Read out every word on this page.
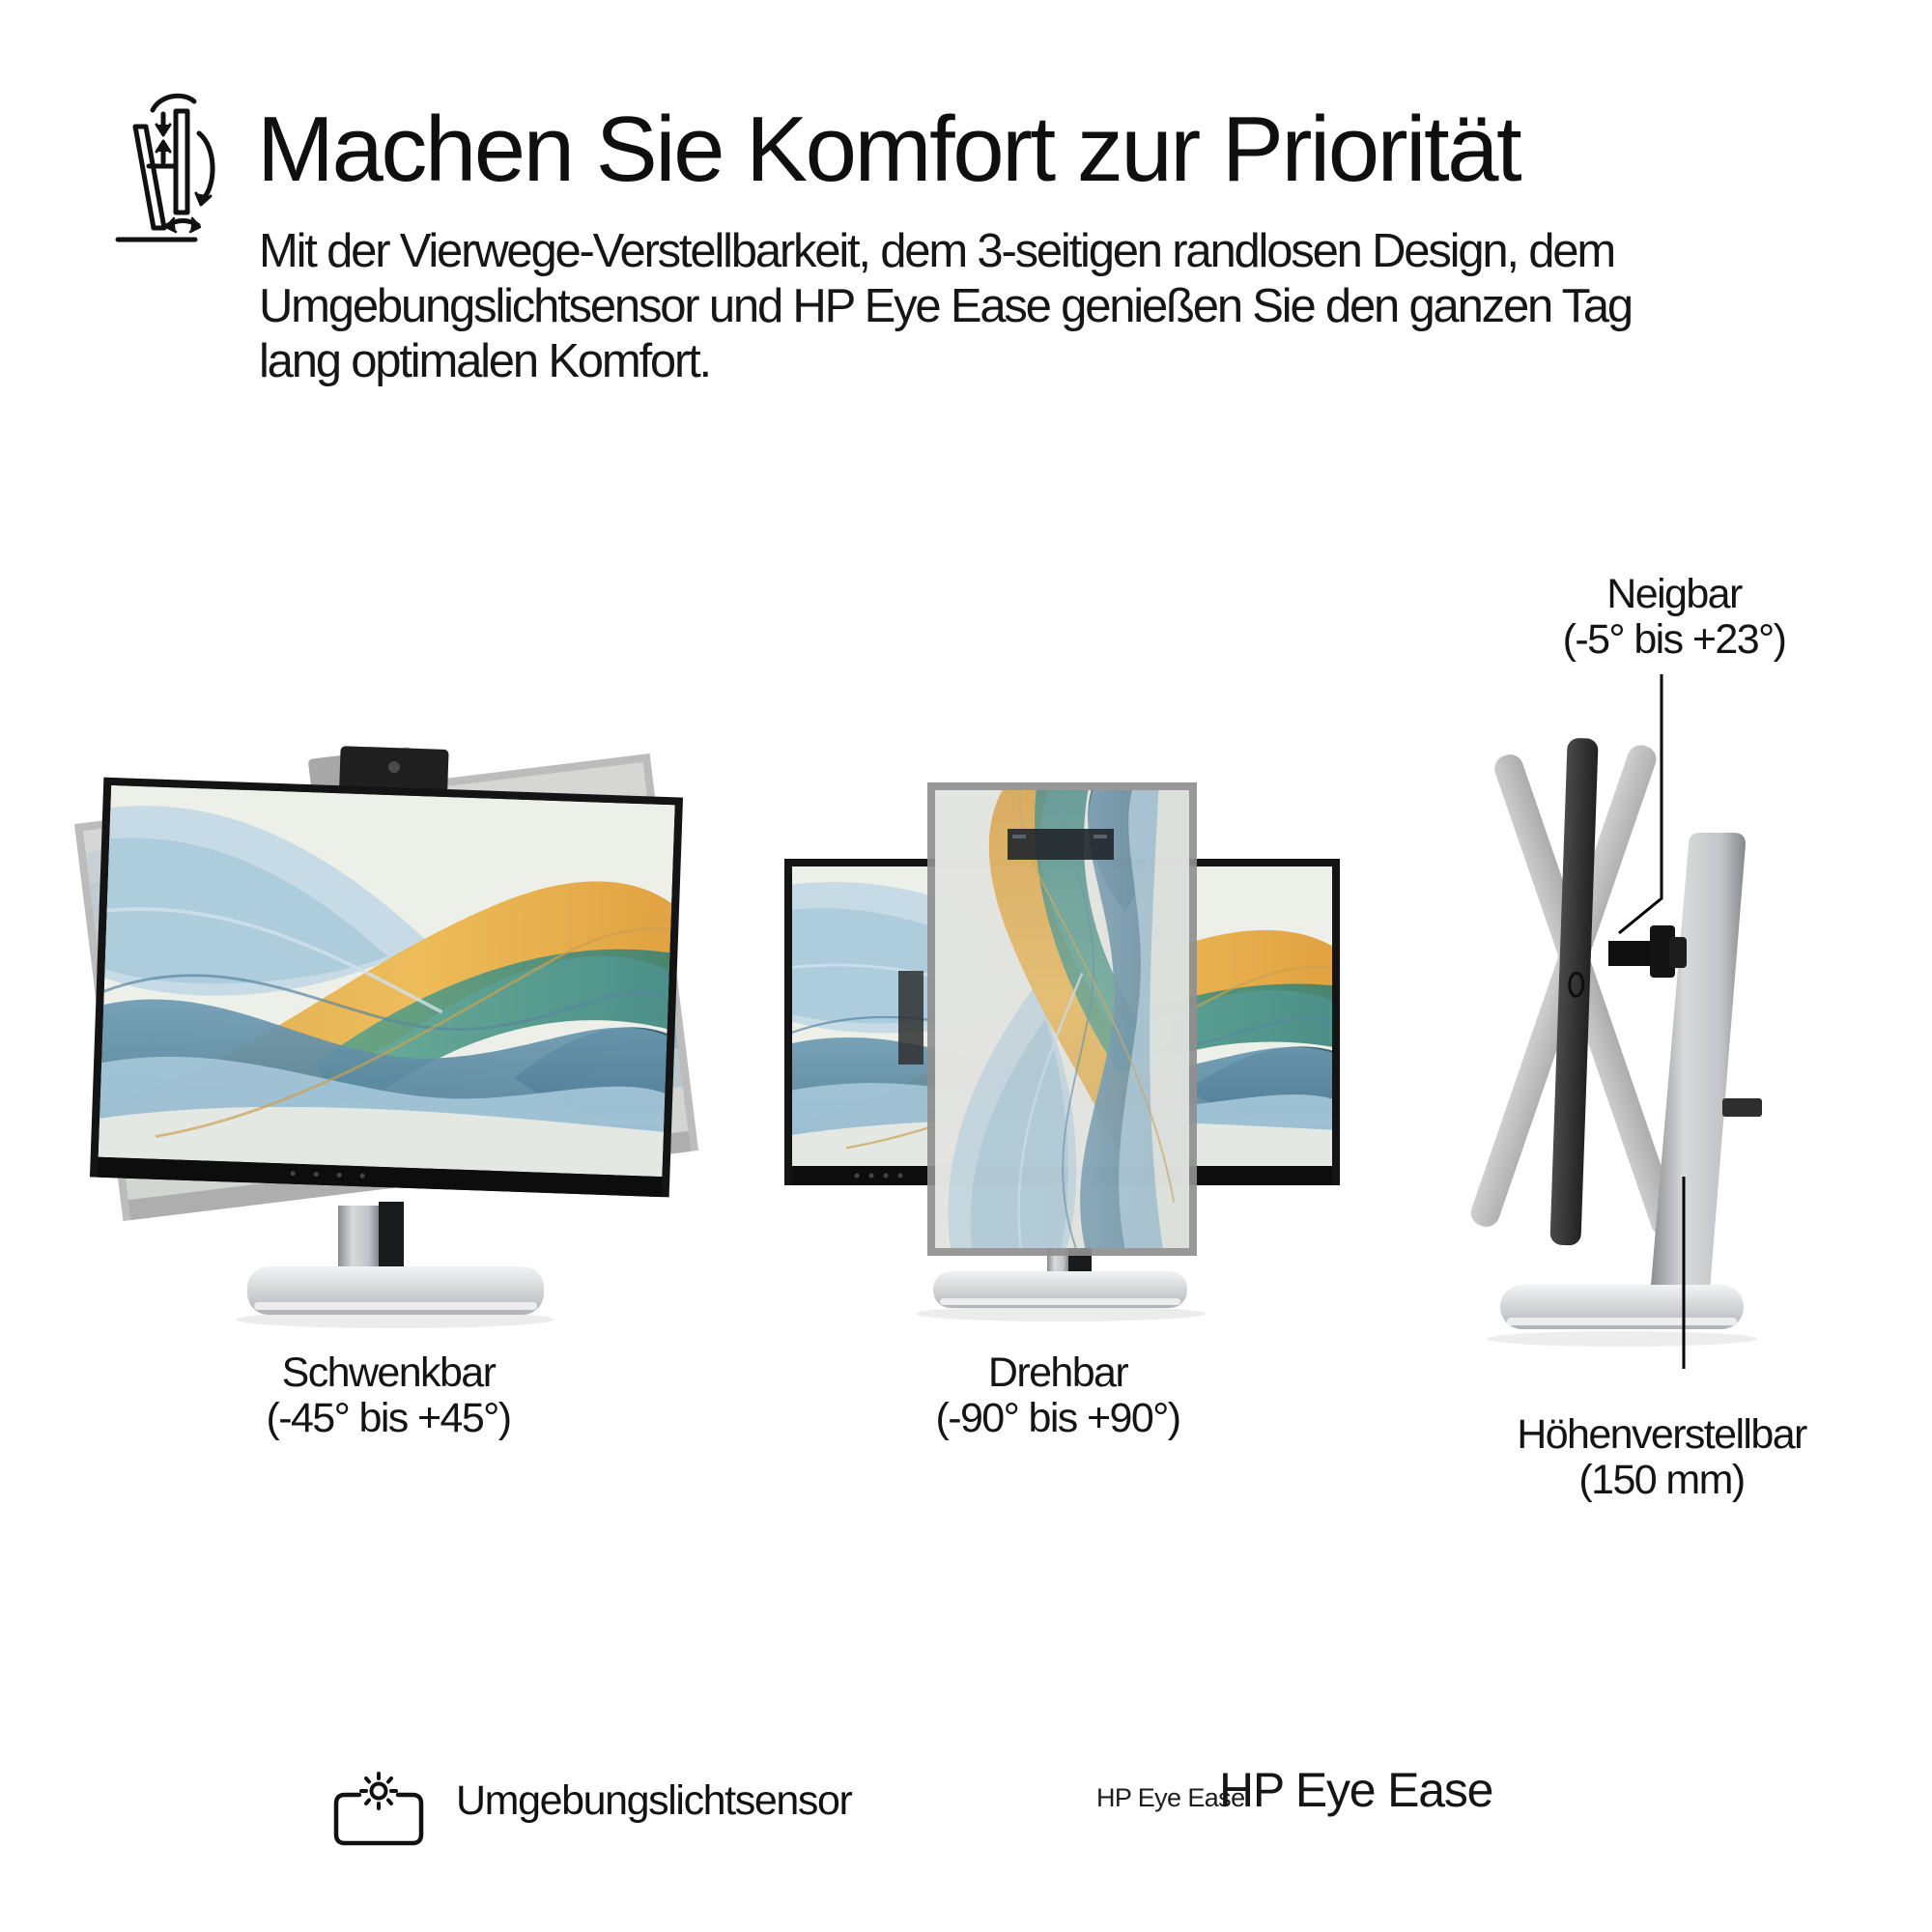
Machen Sie Komfort zur Priorität
Mit der Vierwege-Verstellbarkeit, dem 3-seitigen randlosen Design, dem
Umgebungslichtsensor und HP Eye Ease genießen Sie den ganzen Tag
lang optimalen Komfort.
Schwenkbar
(-45° bis +45°)
Drehbar
(-90° bis +90°)
Neigbar
(-5° bis +23°)
Höhenverstellbar
(150 mm)
Umgebungslichtsensor	HP Eye Ease
HP Eye Ease
